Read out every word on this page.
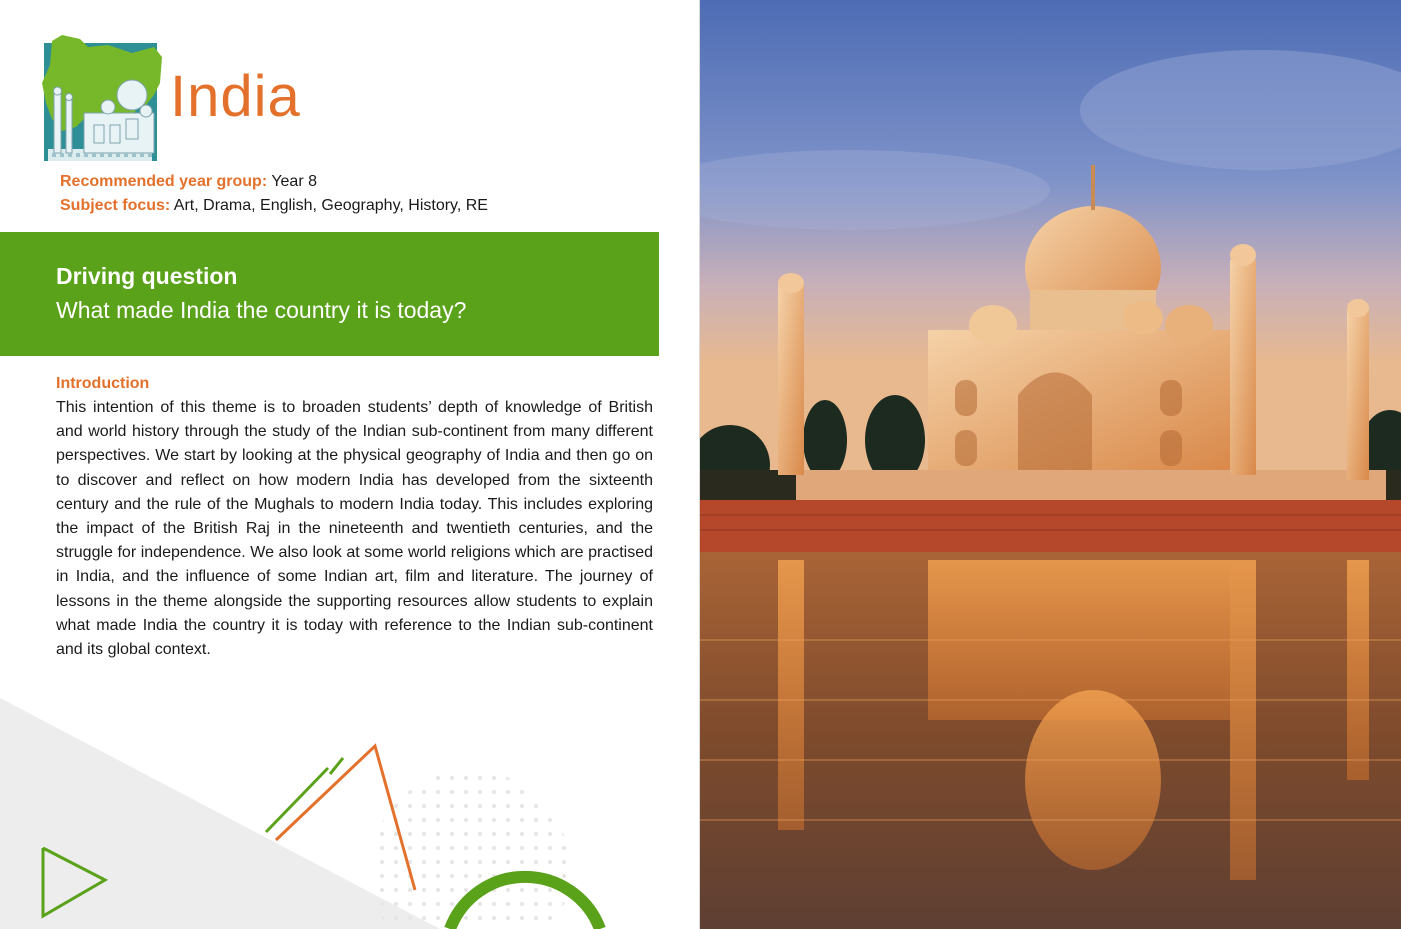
India
Recommended year group: Year 8
Subject focus: Art, Drama, English, Geography, History, RE
Driving question
What made India the country it is today?
Introduction

This intention of this theme is to broaden students’ depth of knowledge of British and world history through the study of the Indian sub-continent from many different perspectives. We start by looking at the physical geography of India and then go on to discover and reflect on how modern India has developed from the sixteenth century and the rule of the Mughals to modern India today. This includes exploring the impact of the British Raj in the nineteenth and twentieth centuries, and the struggle for independence. We also look at some world religions which are practised in India, and the influence of some Indian art, film and literature. The journey of lessons in the theme alongside the supporting resources allow students to explain what made India the country it is today with reference to the Indian sub-continent and its global context.
